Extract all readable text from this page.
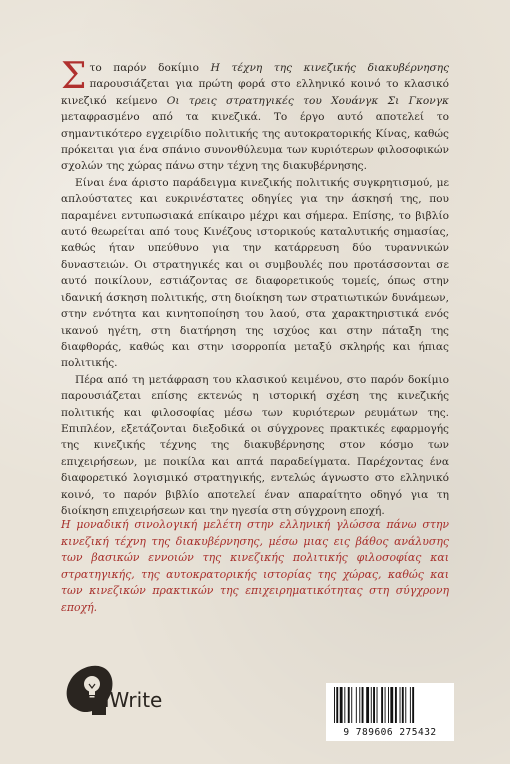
Στο παρόν δοκίμιο Η τέχνη της κινεζικής διακυβέρνησης παρουσιάζεται για πρώτη φορά στο ελληνικό κοινό το κλασικό κινεζικό κείμενο Οι τρεις στρατηγικές του Χουάνγκ Σι Γκονγκ μεταφρασμένο από τα κινεζικά. Το έργο αυτό αποτελεί το σημαντικότερο εγχειρίδιο πολιτικής της αυτοκρατορικής Κίνας, καθώς πρόκειται για ένα σπάνιο συνονθύλευμα των κυριότερων φιλοσοφικών σχολών της χώρας πάνω στην τέχνη της διακυβέρνησης.

Είναι ένα άριστο παράδειγμα κινεζικής πολιτικής συγκρητισμού, με απλούστατες και ευκρινέστατες οδηγίες για την άσκησή της, που παραμένει εντυπωσιακά επίκαιρο μέχρι και σήμερα. Επίσης, το βιβλίο αυτό θεωρείται από τους Κινέζους ιστορικούς καταλυτικής σημασίας, καθώς ήταν υπεύθυνο για την κατάρρευση δύο τυραννικών δυναστειών. Οι στρατηγικές και οι συμβουλές που προτάσσονται σε αυτό ποικίλουν, εστιάζοντας σε διαφορετικούς τομείς, όπως στην ιδανική άσκηση πολιτικής, στη διοίκηση των στρατιωτικών δυνάμεων, στην ενότητα και κινητοποίηση του λαού, στα χαρακτηριστικά ενός ικανού ηγέτη, στη διατήρηση της ισχύος και στην πάταξη της διαφθοράς, καθώς και στην ισορροπία μεταξύ σκληρής και ήπιας πολιτικής.

Πέρα από τη μετάφραση του κλασικού κειμένου, στο παρόν δοκίμιο παρουσιάζεται επίσης εκτενώς η ιστορική σχέση της κινεζικής πολιτικής και φιλοσοφίας μέσω των κυριότερων ρευμάτων της. Επιπλέον, εξετάζονται διεξοδικά οι σύγχρονες πρακτικές εφαρμογής της κινεζικής τέχνης της διακυβέρνησης στον κόσμο των επιχειρήσεων, με ποικίλα και απτά παραδείγματα. Παρέχοντας ένα διαφορετικό λογισμικό στρατηγικής, εντελώς άγνωστο στο ελληνικό κοινό, το παρόν βιβλίο αποτελεί έναν απαραίτητο οδηγό για τη διοίκηση επιχειρήσεων και την ηγεσία στη σύγχρονη εποχή.

Η μοναδική σινολογική μελέτη στην ελληνική γλώσσα πάνω στην κινεζική τέχνη της διακυβέρνησης, μέσω μιας εις βάθος ανάλυσης των βασικών εννοιών της κινεζικής πολιτικής φιλοσοφίας και στρατηγικής, της αυτοκρατορικής ιστορίας της χώρας, καθώς και των κινεζικών πρακτικών της επιχειρηματικότητας στη σύγχρονη εποχή.
iWrite
9 789606 275432
